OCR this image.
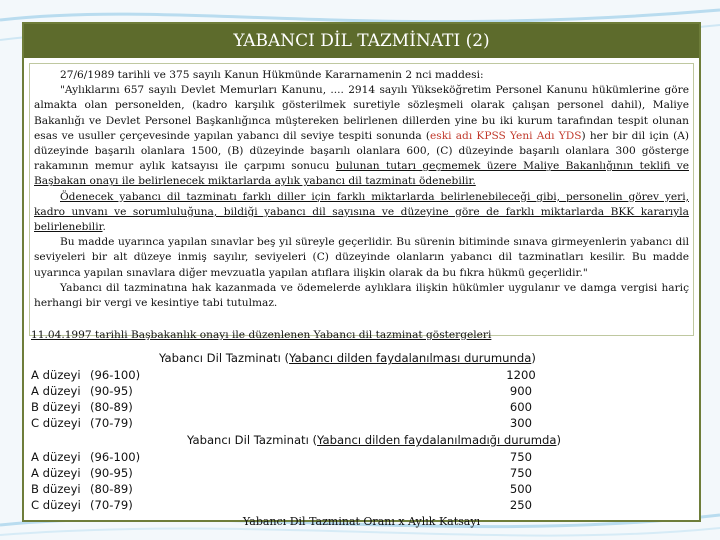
YABANCI DİL TAZMİNATI (2)

27/6/1989 tarihli ve 375 sayılı Kanun Hükmünde Kararnamenin 2 nci maddesi:

"Aylıklarını 657 sayılı Devlet Memurları Kanunu, .... 2914 sayılı Yükseköğretim Personel Kanunu hükümlerine göre almakta olan personelden, (kadro karşılık gösterilmek suretiyle sözleşmeli olarak çalışan personel dahil), Maliye Bakanlığı ve Devlet Personel Başkanlığınca müştereken belirlenen dillerden yine bu iki kurum tarafından tespit olunan esas ve usuller çerçevesinde yapılan yabancı dil seviye tespiti sonunda (eski adı KPSS Yeni Adı YDS) her bir dil için (A) düzeyinde başarılı olanlara 1500, (B) düzeyinde başarılı olanlara 600, (C) düzeyinde başarılı olanlara 300 gösterge rakamının memur aylık katsayısı ile çarpımı sonucu bulunan tutarı geçmemek üzere Maliye Bakanlığının teklifi ve Başbakan onayı ile belirlenecek miktarlarda aylık yabancı dil tazminatı ödenebilir.

Ödenecek yabancı dil tazminatı farklı diller için farklı miktarlarda belirlenebileceği gibi, personelin görev yeri, kadro unvanı ve sorumluluğuna, bildiği yabancı dil sayısına ve düzeyine göre de farklı miktarlarda BKK kararıyla belirlenebilir.

Bu madde uyarınca yapılan sınavlar beş yıl süreyle geçerlidir. Bu sürenin bitiminde sınava girmeyenlerin yabancı dil seviyeleri bir alt düzeye inmiş sayılır, seviyeleri (C) düzeyinde olanların yabancı dil tazminatları kesilir. Bu madde uyarınca yapılan sınavlara diğer mevzuatla yapılan atıflara ilişkin olarak da bu fıkra hükmü geçerlidir."

Yabancı dil tazminatına hak kazanmada ve ödemelerde aylıklara ilişkin hükümler uygulanır ve damga vergisi hariç herhangi bir vergi ve kesintiye tabi tutulmaz.

11.04.1997 tarihli Başbakanlık onayı ile düzenlenen Yabancı dil tazminat göstergeleri
Yabancı Dil Tazminatı (Yabancı dilden faydalanılması durumunda)
A düzeyi (96-100)	1200
A düzeyi (90-95)	900
B düzeyi (80-89)	600
C düzeyi (70-79)	300
Yabancı Dil Tazminatı (Yabancı dilden faydalanılmadığı durumda)
A düzeyi (96-100)	750
A düzeyi (90-95)	750
B düzeyi (80-89)	500
C düzeyi (70-79)	250
Yabancı Dil Tazminat Oranı x Aylık Katsayı
